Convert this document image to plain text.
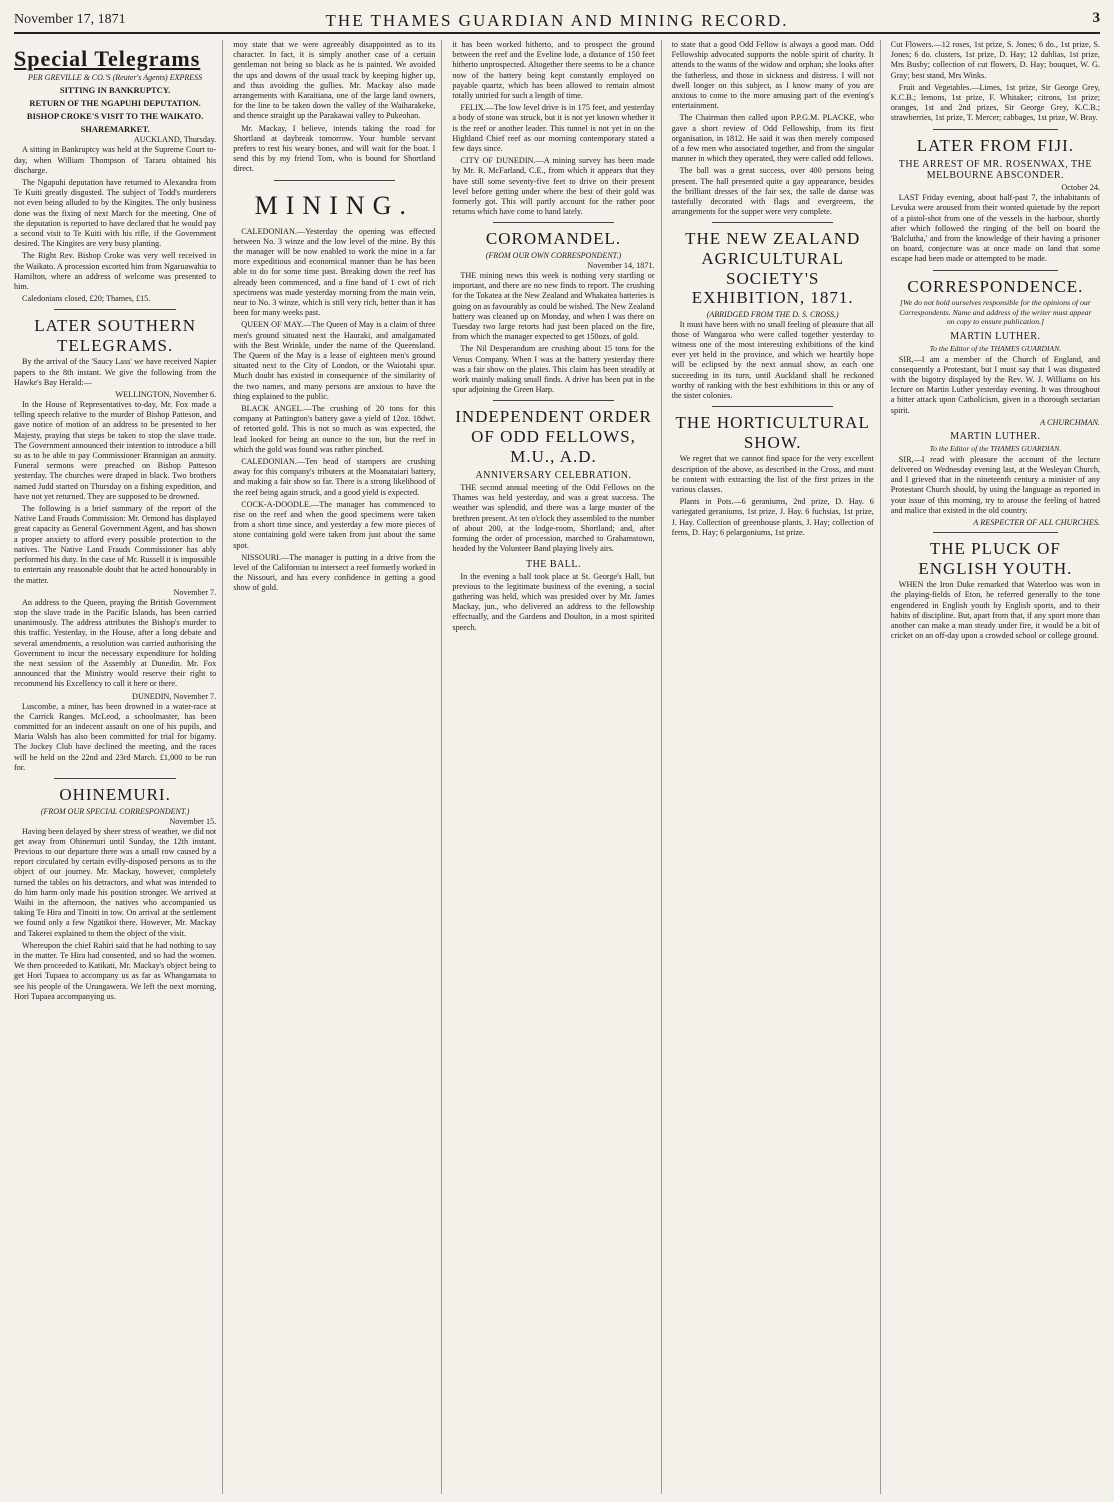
November 17, 1871	THE THAMES GUARDIAN AND MINING RECORD.	3
Special Telegrams
PER GREVILLE & CO.'S (Reuter's Agents) EXPRESS
SITTING IN BANKRUPTCY.
RETURN OF THE NGAPUHI DEPUTATION.
BISHOP CROKE'S VISIT TO THE WAIKATO.
SHAREMARKET.
AUCKLAND, Thursday.

A sitting in Bankruptcy was held at the Supreme Court to-day, when William Thompson of Tararu obtained his discharge.

The Ngapuhi deputation have returned to Alexandra from Te Kuiti greatly disgusted. The subject of Todd's murderers not even being alluded to by the Kingites. The only business done was the fixing of next March for the meeting. One of the deputation is reported to have declared that he would pay a second visit to Te Kuiti with his rifle, if the Government desired. The Kingites are very busy planting.

The Right Rev. Bishop Croke was very well received in the Waikato. A procession escorted him from Ngaruawahia to Hamilton, where an address of welcome was presented to him.

Caledonians closed, £20; Thames, £15.

LATER SOUTHERN TELEGRAMS.

By the arrival of the 'Saucy Lass' we have received Napier papers to the 8th instant. We give the following from the Hawke's Bay Herald:—

WELLINGTON, November 6.

In the House of Representatives to-day, Mr. Fox made a telling speech relative to the murder of Bishop Patteson, and gave notice of motion of an address to be presented to her Majesty, praying that steps be taken to stop the slave trade. The Government announced their intention to introduce a bill so as to be able to pay Commissioner Brannigan an annuity. Funeral sermons were preached on Bishop Patteson yesterday. The churches were draped in black. Two brothers named Judd started on Thursday on a fishing expedition, and have not yet returned. They are supposed to be drowned.

The following is a brief summary of the report of the Native Land Frauds Commission: Mr. Ormond has displayed great capacity as General Government Agent, and has shown a proper anxiety to afford every possible protection to the natives. The Native Land Frauds Commissioner has ably performed his duty. In the case of Mr. Russell it is impossible to entertain any reasonable doubt that he acted honourably in the matter.

November 7.

An address to the Queen, praying the British Government stop the slave trade in the Pacific Islands, has been carried unanimously. The address attributes the Bishop's murder to this traffic. Yesterday, in the House, after a long debate and several amendments, a resolution was carried authorising the Government to incur the necessary expenditure for holding the next session of the Assembly at Dunedin. Mr. Fox announced that the Ministry would reserve their right to recommend his Excellency to call it here or there.

DUNEDIN, November 7.

Luscombe, a miner, has been drowned in a water-race at the Carrick Ranges. McLeod, a schoolmaster, has been committed for an indecent assault on one of his pupils, and Maria Walsh has also been committed for trial for bigamy. The Jockey Club have declined the meeting, and the races will be held on the 22nd and 23rd March. £1,000 to be run for.

OHINEMURI.
(FROM OUR SPECIAL CORRESPONDENT.)
November 15.

Having been delayed by sheer stress of weather, we did not get away from Ohinemuri until Sunday, the 12th instant. Previous to our departure there was a small row caused by a report circulated by certain evilly-disposed persons as to the object of our journey. Mr. Mackay, however, completely turned the tables on his detractors, and what was intended to do him harm only made his position stronger. We arrived at Waihi in the afternoon, the natives who accompanied us taking Te Hira and Tinoiti in tow. On arrival at the settlement we found only a few Ngatikoi there. However, Mr. Mackay and Takerei explained to them the object of the visit.

Whereupon the chief Rahiri said that he had nothing to say in the matter. Te Hira had consented, and so had the women. We then proceeded to Katikati, Mr. Mackay's object being to get Hori Tupaea to accompany us as far as Whangamata to see his people of the Urungawera. We left the next morning, Hori Tupaea accompanying us.

moy state that we were agreeably disappointed as to its character. In fact, it is simply another case of a certain gentleman not being so black as he is painted. We avoided the ups and downs of the usual track by keeping higher up, and thus avoiding the gullies. Mr. Mackay also made arrangements with Karaitiana, one of the large land owners, for the line to be taken down the valley of the Waiharakeke, and thence straight up the Parakawai valley to Pukeohan.

Mr. Mackay, I believe, intends taking the road for Shortland at daybreak tomorrow. Your humble servant prefers to rest his weary bones, and will wait for the boat. I send this by my friend Tom, who is bound for Shortland direct.

MINING.

CALEDONIAN.—Yesterday the opening was effected between No. 3 winze and the low level of the mine. By this the manager will be now enabled to work the mine in a far more expeditious and economical manner than he has been able to do for some time past. Breaking down the reef has already been commenced, and a fine band of 1 cwt of rich specimens was made yesterday morning from the main vein, near to No. 3 winze, which is still very rich, better than it has been for many weeks past.

QUEEN OF MAY.—The Queen of May is a claim of three men's ground situated next the Hauraki, and amalgamated with the Best Wrinkle, under the name of the Queensland. The Queen of the May is a lease of eighteen men's ground situated next to the City of London, or the Waiotahi spur. Much doubt has existed in consequence of the similarity of the two names, and many persons are anxious to have the thing explained to the public.

BLACK ANGEL.—The crushing of 20 tons for this company at Pattington's battery gave a yield of 12oz. 18dwt. of retorted gold. This is not so much as was expected, the lead looked for being an ounce to the ton, but the reef in which the gold was found was rather pinched.

CALEDONIAN.—Ten head of stampers are crushing away for this company's tributers at the Moanataiari battery, and making a fair show so far. There is a strong likelihood of the reef being again struck, and a good yield is expected.

COCK-A-DOODLE.—The manager has commenced to rise on the reef and when the good specimens were taken from a short time since, and yesterday a few more pieces of stone containing gold were taken from just about the same spot.

NISSOURI.—The manager is putting in a drive from the level of the Californian to intersect a reef formerly worked in the Nissouri, and has every confidence in getting a good show of gold.

it has been worked hitherto, and to prospect the ground between the reef and the Eveline lode, a distance of 150 feet hitherto unprospected. Altogether there seems to be a chance now of the battery being kept constantly employed on payable quartz, which has been allowed to remain almost totally untried for such a length of time.

FELIX.—The low level drive is in 175 feet, and yesterday a body of stone was struck, but it is not yet known whether it is the reef or another leader. This tunnel is not yet in on the Highland Chief reef as our morning contemporary stated a few days since.

CITY OF DUNEDIN.—A mining survey has been made by Mr. R. McFarland, C.E., from which it appears that they have still some seventy-five feet to drive on their present level before getting under where the best of their gold was formerly got. This will partly account for the rather poor returns which have come to hand lately.

COROMANDEL.
(FROM OUR OWN CORRESPONDENT.)
November 14, 1871.

THE mining news this week is nothing very startling or important, and there are no new finds to report. The crushing for the Tokatea at the New Zealand and Whakatea batteries is going on as favourably as could be wished. The New Zealand battery was cleaned up on Monday, and when I was there on Tuesday two large retorts had just been placed on the fire, from which the manager expected to get 150ozs. of gold.

The Nil Desperandum are crushing about 15 tons for the Venus Company. When I was at the battery yesterday there was a fair show on the plates. This claim has been steadily at work mainly making small finds. A drive has been put in the spur adjoining the Green Harp.

INDEPENDENT ORDER OF ODD FELLOWS, M.U., A.D.
ANNIVERSARY CELEBRATION.

THE second annual meeting of the Odd Fellows on the Thames was held yesterday, and was a great success. The weather was splendid, and there was a large muster of the brethren present. At ten o'clock they assembled to the number of about 200, at the lodge-room, Shortland; and, after forming the order of procession, marched to Grahamstown, headed by the Volunteer Band playing lively airs.

THE BALL.

In the evening a ball took place at St. George's Hall, but previous to the legitimate business of the evening, a social gathering was held, which was presided over by Mr. James Mackay, jun., who delivered an address to the fellowship effectually, and the Gardens and Doulton, in a most spirited speech.

to state that a good Odd Fellow is always a good man. Odd Fellowship advocated supports the noble spirit of charity. It attends to the wants of the widow and orphan; she looks after the fatherless, and those in sickness and distress. I will not dwell longer on this subject, as I know many of you are anxious to come to the more amusing part of the evening's entertainment.

The Chairman then called upon P.P.G.M. PLACKE, who gave a short review of Odd Fellowship, from its first organisation, in 1812. He said it was then merely composed of a few men who associated together, and from the singular manner in which they operated, they were called odd fellows.

The ball was a great success, over 400 persons being present. The hall presented quite a gay appearance, besides the brilliant dresses of the fair sex, the salle de danse was tastefully decorated with flags and evergreens, the arrangements for the supper were very complete.

THE NEW ZEALAND AGRICULTURAL SOCIETY'S EXHIBITION, 1871.
(ABRIDGED FROM THE D. S. CROSS.)

It must have been with no small feeling of pleasure that all those of Wangaroa who were called together yesterday to witness one of the most interesting exhibitions of the kind ever yet held in the province, and which we heartily hope will be eclipsed by the next annual show, as each one succeeding in its turn, until Auckland shall be reckoned worthy of ranking with the best exhibitions in this or any of the sister colonies.

THE HORTICULTURAL SHOW.

We regret that we cannot find space for the very excellent description of the above, as described in the Cross, and must be content with extracting the list of the first prizes in the various classes.

Plants in Pots.—6 geraniums, 2nd prize, D. Hay. 6 variegated geraniums, 1st prize, J. Hay. 6 fuchsias, 1st prize, J. Hay. Collection of greenhouse plants, J. Hay; collection of ferns, D. Hay; 6 pelargoniums, 1st prize.

Cut Flowers.—12 roses, 1st prize, S. Jones; 6 do., 1st prize, S. Jones; 6 do. clusters, 1st prize, D. Hay; 12 dahlias, 1st prize, Mrs Busby; collection of cut flowers, D. Hay; bouquet, W. G. Gray; best stand, Mrs Winks.

Fruit and Vegetables.—Limes, 1st prize, Sir George Grey, K.C.B.; lemons, 1st prize, F. Whitaker; citrons, 1st prize; oranges, 1st and 2nd prizes, Sir George Grey, K.C.B.; strawberries, 1st prize, T. Mercer; cabbages, 1st prize, W. Bray.

LATER FROM FIJI.
THE ARREST OF MR. ROSENWAX, THE MELBOURNE ABSCONDER.
October 24.

LAST Friday evening, about half-past 7, the inhabitants of Levuka were aroused from their wonted quietude by the report of a pistol-shot from one of the vessels in the harbour, shortly after which followed the ringing of the bell on board the 'Balclutha,' and from the knowledge of their having a prisoner on board, conjecture was at once made on land that some escape had been made or attempted to be made.

CORRESPONDENCE.
[We do not hold ourselves responsible for the opinions of our Correspondents. Name and address of the writer must appear on copy to ensure publication.]
MARTIN LUTHER.
To the Editor of the THAMES GUARDIAN.

SIR,—I am a member of the Church of England, and consequently a Protestant, but I must say that I was disgusted with the bigotry displayed by the Rev. W. J. Williams on his lecture on Martin Luther yesterday evening. It was throughout a bitter attack upon Catholicism, given in a thorough sectarian spirit.

A CHURCHMAN.
MARTIN LUTHER.
To the Editor of the THAMES GUARDIAN.

SIR,—I read with pleasure the account of the lecture delivered on Wednesday evening last, at the Wesleyan Church, and I grieved that in the nineteenth century a minister of any Protestant Church should, by using the language as reported in your issue of this morning, try to arouse the feeling of hatred and malice that existed in the old country.

A RESPECTER OF ALL CHURCHES.
THE PLUCK OF ENGLISH YOUTH.

WHEN the Iron Duke remarked that Waterloo was won in the playing-fields of Eton, he referred generally to the tone engendered in English youth by English sports, and to their habits of discipline. But, apart from that, if any sport more than another can make a man steady under fire, it would be a bit of cricket on an off-day upon a crowded school or college ground.
